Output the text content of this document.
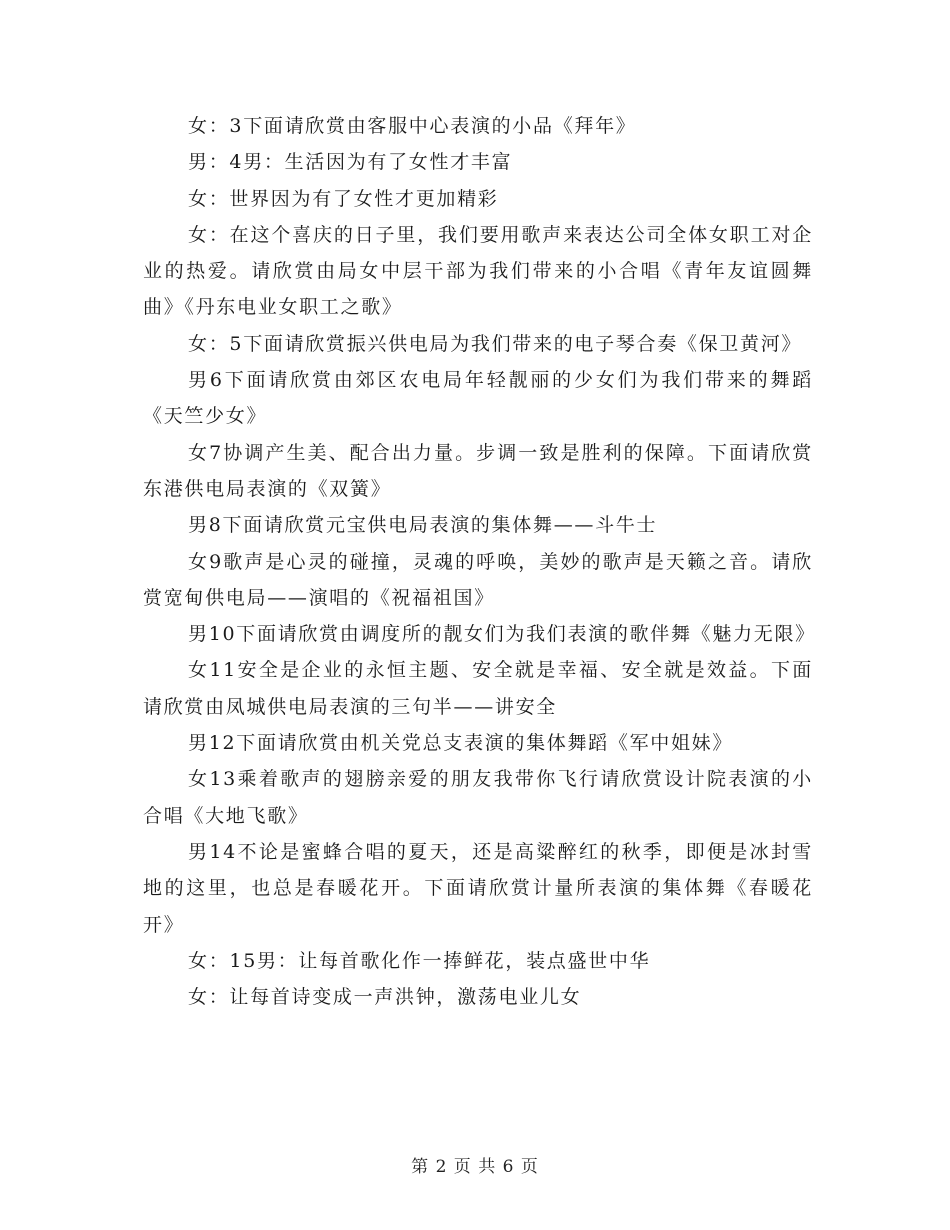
女：3下面请欣赏由客服中心表演的小品《拜年》

男：4男：生活因为有了女性才丰富

女：世界因为有了女性才更加精彩

女：在这个喜庆的日子里，我们要用歌声来表达公司全体女职工对企业的热爱。请欣赏由局女中层干部为我们带来的小合唱《青年友谊圆舞曲》《丹东电业女职工之歌》

女：5下面请欣赏振兴供电局为我们带来的电子琴合奏《保卫黄河》

男6下面请欣赏由郊区农电局年轻靓丽的少女们为我们带来的舞蹈《天竺少女》

女7协调产生美、配合出力量。步调一致是胜利的保障。下面请欣赏东港供电局表演的《双簧》

男8下面请欣赏元宝供电局表演的集体舞——斗牛士

女9歌声是心灵的碰撞，灵魂的呼唤，美妙的歌声是天籁之音。请欣赏宽甸供电局——演唱的《祝福祖国》

男10下面请欣赏由调度所的靓女们为我们表演的歌伴舞《魅力无限》

女11安全是企业的永恒主题、安全就是幸福、安全就是效益。下面请欣赏由凤城供电局表演的三句半——讲安全

男12下面请欣赏由机关党总支表演的集体舞蹈《军中姐妹》

女13乘着歌声的翅膀亲爱的朋友我带你飞行请欣赏设计院表演的小合唱《大地飞歌》

男14不论是蜜蜂合唱的夏天，还是高粱醉红的秋季，即便是冰封雪地的这里，也总是春暖花开。下面请欣赏计量所表演的集体舞《春暖花开》

女：15男：让每首歌化作一捧鲜花，装点盛世中华

女：让每首诗变成一声洪钟，激荡电业儿女

第 2 页 共 6 页
